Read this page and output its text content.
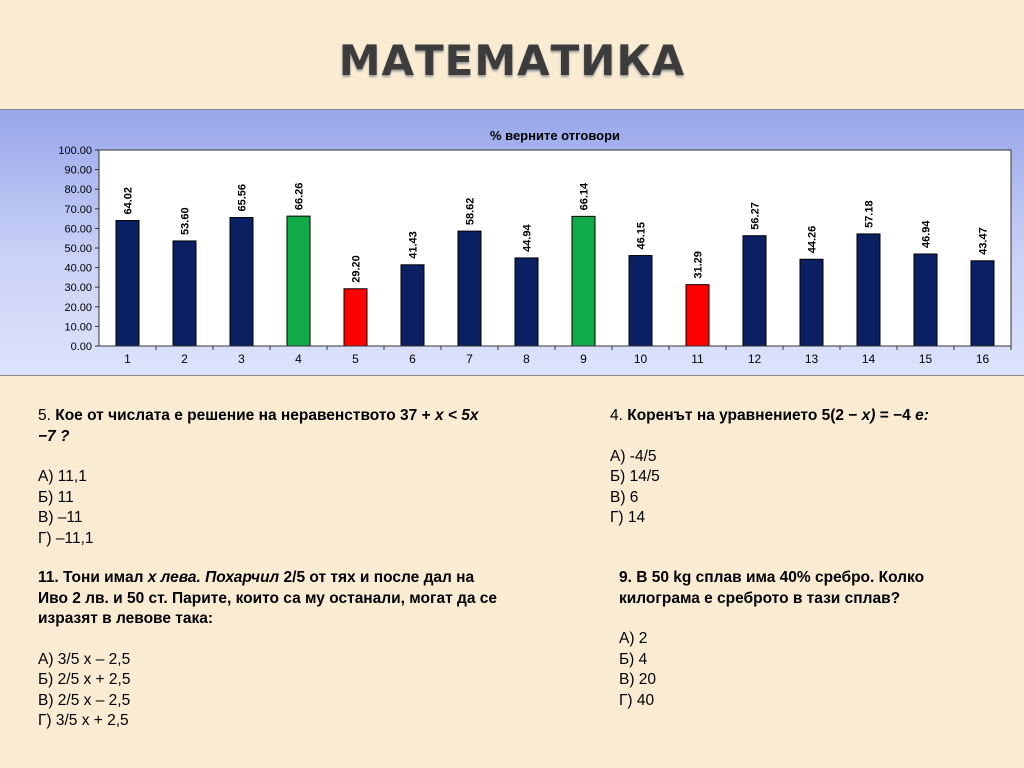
МАТЕМАТИКА
% верните отговори
0.00
10.00
20.00
30.00
40.00
50.00
60.00
70.00
80.00
90.00
100.00
64.02
1
53.60
2
65.56
3
66.26
4
29.20
5
41.43
6
58.62
7
44.94
8
66.14
9
46.15
10
31.29
11
56.27
12
44.26
13
57.18
14
46.94
15
43.47
16

5. Кое от числата е решение на неравенството 37 + x < 5x

−7 ?

А) 11,1

Б) 11

В) –11

Г) –11,1

4. Коренът на уравнението 5(2 − x) = −4 е:

А) -4/5

Б) 14/5

В) 6

Г) 14

11. Тони имал х лева. Похарчил 2/5 от тях и после дал на

Иво 2 лв. и 50 ст. Парите, които са му останали, могат да се

изразят в левове така:

А) 3/5 х – 2,5

Б) 2/5 х + 2,5

В) 2/5 х – 2,5

Г) 3/5 х + 2,5

9. В 50 kg сплав има 40% сребро. Колко

килограма е среброто в тази сплав?

А) 2

Б) 4

В) 20

Г) 40
